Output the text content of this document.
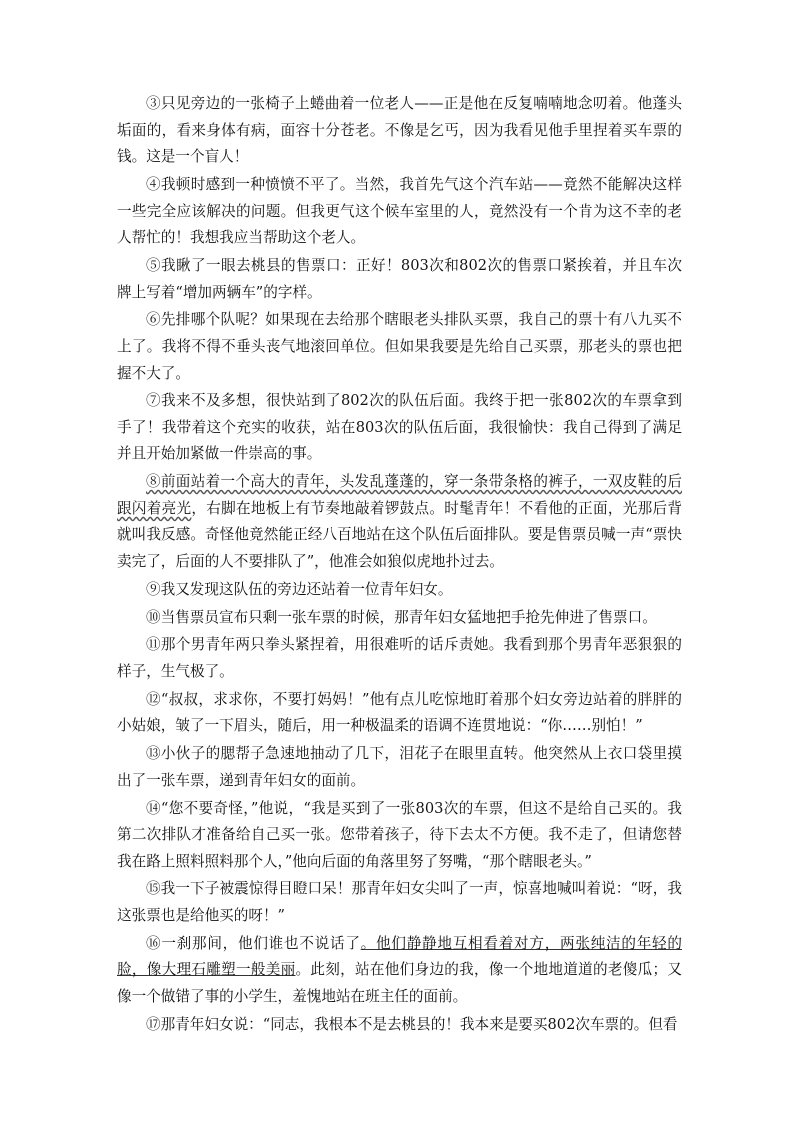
③只见旁边的一张椅子上蜷曲着一位老人——正是他在反复喃喃地念叨着。他蓬头垢面的，看来身体有病，面容十分苍老。不像是乞丐，因为我看见他手里捏着买车票的钱。这是一个盲人！

④我顿时感到一种愤愤不平了。当然，我首先气这个汽车站——竟然不能解决这样一些完全应该解决的问题。但我更气这个候车室里的人，竟然没有一个肯为这不幸的老人帮忙的！我想我应当帮助这个老人。

⑤我瞅了一眼去桃县的售票口：正好！803次和802次的售票口紧挨着，并且车次牌上写着“增加两辆车”的字样。

⑥先排哪个队呢？如果现在去给那个瞎眼老头排队买票，我自己的票十有八九买不上了。我将不得不垂头丧气地滚回单位。但如果我要是先给自己买票，那老头的票也把握不大了。

⑦我来不及多想，很快站到了802次的队伍后面。我终于把一张802次的车票拿到手了！我带着这个充实的收获，站在803次的队伍后面，我很愉快：我自己得到了满足并且开始加紧做一件崇高的事。

⑧前面站着一个高大的青年，头发乱蓬蓬的，穿一条带条格的裤子，一双皮鞋的后跟闪着亮光，右脚在地板上有节奏地敲着锣鼓点。时髦青年！不看他的正面，光那后背就叫我反感。奇怪他竟然能正经八百地站在这个队伍后面排队。要是售票员喊一声“票快卖完了，后面的人不要排队了”，他准会如狼似虎地扑过去。

⑨我又发现这队伍的旁边还站着一位青年妇女。

⑩当售票员宣布只剩一张车票的时候，那青年妇女猛地把手抢先伸进了售票口。

⑪那个男青年两只拳头紧捏着，用很难听的话斥责她。我看到那个男青年恶狠狠的样子，生气极了。

⑫“叔叔，求求你，不要打妈妈！”他有点儿吃惊地盯着那个妇女旁边站着的胖胖的小姑娘，皱了一下眉头，随后，用一种极温柔的语调不连贯地说：“你……别怕！”

⑬小伙子的腮帮子急速地抽动了几下，泪花子在眼里直转。他突然从上衣口袋里摸出了一张车票，递到青年妇女的面前。

⑭“您不要奇怪，”他说，“我是买到了一张803次的车票，但这不是给自己买的。我第二次排队才准备给自己买一张。您带着孩子，待下去太不方便。我不走了，但请您替我在路上照料照料那个人，”他向后面的角落里努了努嘴，“那个瞎眼老头。”

⑮我一下子被震惊得目瞪口呆！那青年妇女尖叫了一声，惊喜地喊叫着说：“呀，我这张票也是给他买的呀！”

⑯一刹那间，他们谁也不说话了。他们静静地互相看着对方，两张纯洁的年轻的脸，像大理石雕塑一般美丽。此刻，站在他们身边的我，像一个地地道道的老傻瓜；又像一个做错了事的小学生，羞愧地站在班主任的面前。

⑰那青年妇女说：“同志，我根本不是去桃县的！我本来是要买802次车票的。但看
